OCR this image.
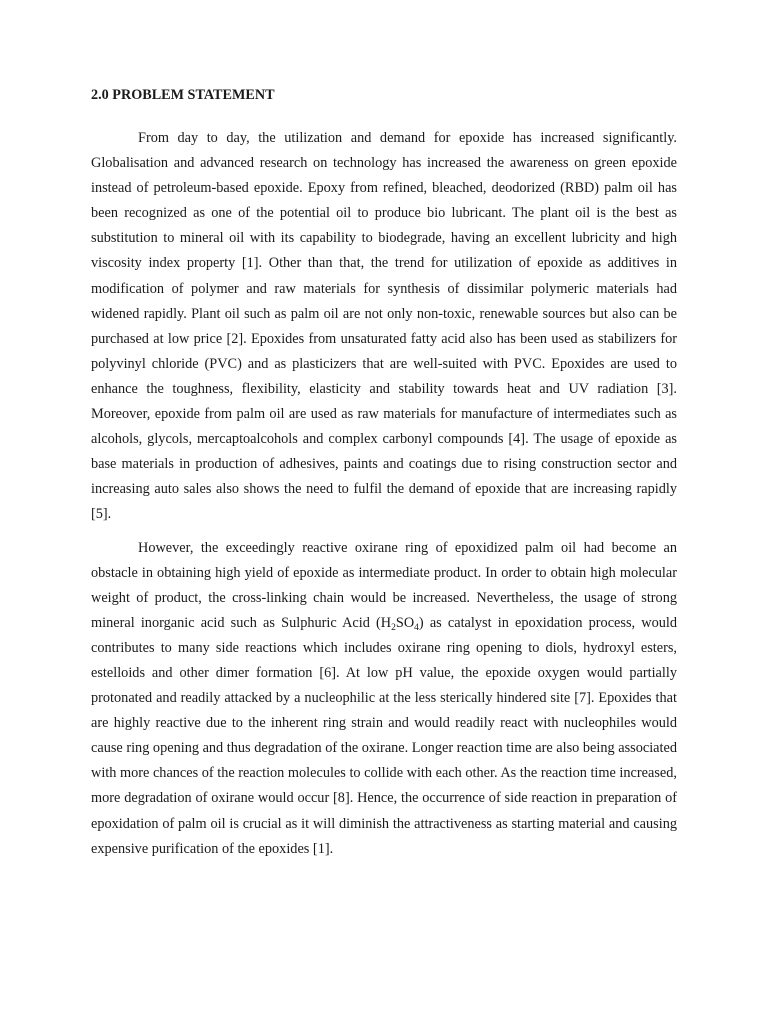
2.0 PROBLEM STATEMENT

From day to day, the utilization and demand for epoxide has increased significantly. Globalisation and advanced research on technology has increased the awareness on green epoxide instead of petroleum-based epoxide. Epoxy from refined, bleached, deodorized (RBD) palm oil has been recognized as one of the potential oil to produce bio lubricant. The plant oil is the best as substitution to mineral oil with its capability to biodegrade, having an excellent lubricity and high viscosity index property [1]. Other than that, the trend for utilization of epoxide as additives in modification of polymer and raw materials for synthesis of dissimilar polymeric materials had widened rapidly. Plant oil such as palm oil are not only non-toxic, renewable sources but also can be purchased at low price [2]. Epoxides from unsaturated fatty acid also has been used as stabilizers for polyvinyl chloride (PVC) and as plasticizers that are well-suited with PVC. Epoxides are used to enhance the toughness, flexibility, elasticity and stability towards heat and UV radiation [3]. Moreover, epoxide from palm oil are used as raw materials for manufacture of intermediates such as alcohols, glycols, mercaptoalcohols and complex carbonyl compounds [4]. The usage of epoxide as base materials in production of adhesives, paints and coatings due to rising construction sector and increasing auto sales also shows the need to fulfil the demand of epoxide that are increasing rapidly [5].

However, the exceedingly reactive oxirane ring of epoxidized palm oil had become an obstacle in obtaining high yield of epoxide as intermediate product. In order to obtain high molecular weight of product, the cross-linking chain would be increased. Nevertheless, the usage of strong mineral inorganic acid such as Sulphuric Acid $(H_2SO_4)$ as catalyst in epoxidation process, would contributes to many side reactions which includes oxirane ring opening to diols, hydroxyl esters, estelloids and other dimer formation [6]. At low pH value, the epoxide oxygen would partially protonated and readily attacked by a nucleophilic at the less sterically hindered site [7]. Epoxides that are highly reactive due to the inherent ring strain and would readily react with nucleophiles would cause ring opening and thus degradation of the oxirane. Longer reaction time are also being associated with more chances of the reaction molecules to collide with each other. As the reaction time increased, more degradation of oxirane would occur [8]. Hence, the occurrence of side reaction in preparation of epoxidation of palm oil is crucial as it will diminish the attractiveness as starting material and causing expensive purification of the epoxides [1].
